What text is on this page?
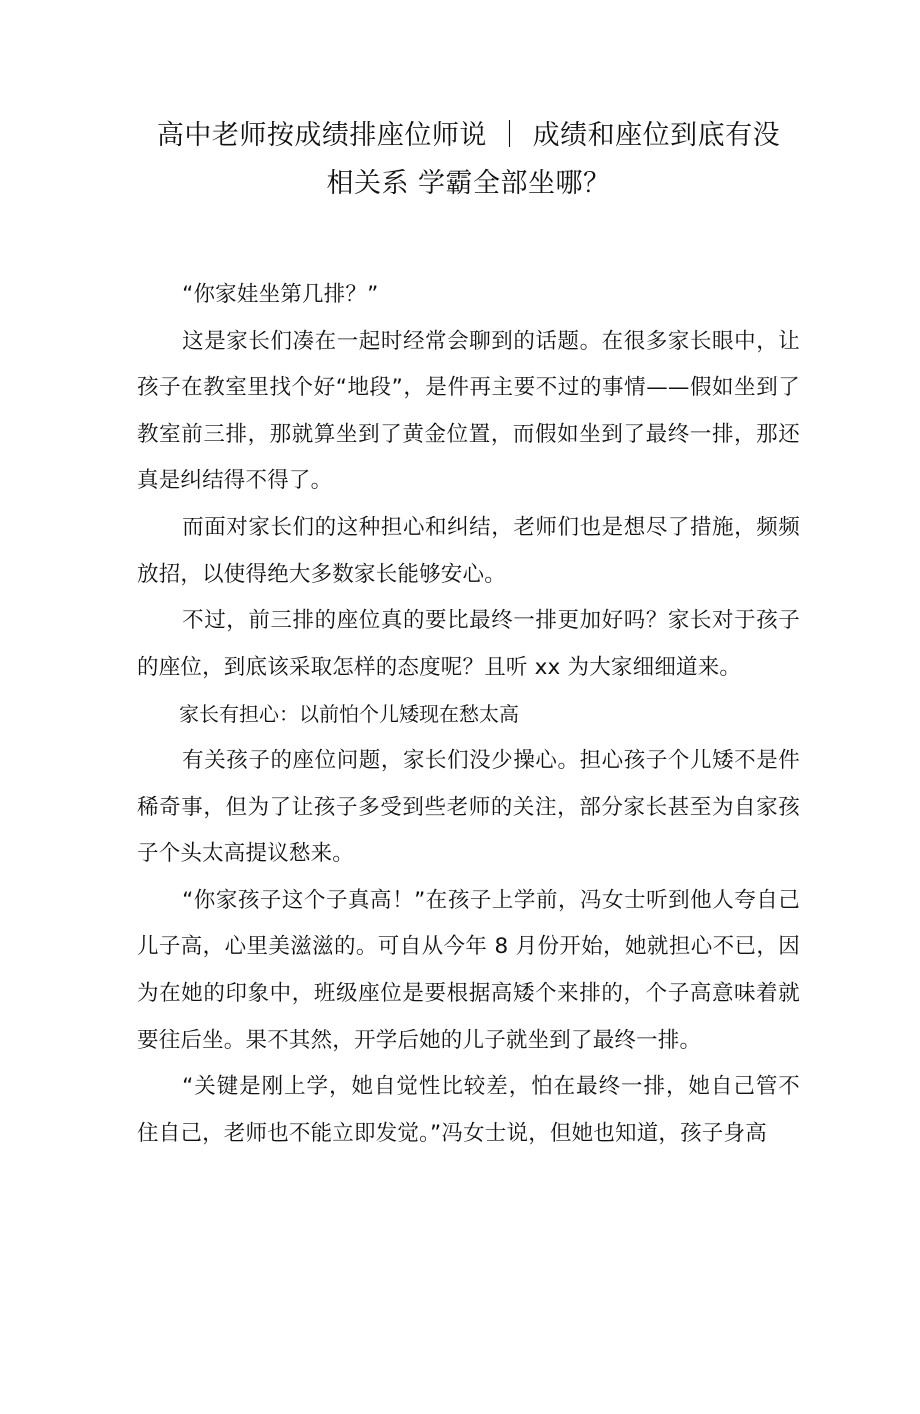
高中老师按成绩排座位师说 ｜ 成绩和座位到底有没
相关系 学霸全部坐哪？

“你家娃坐第几排？”

这是家长们凑在一起时经常会聊到的话题。在很多家长眼中，让孩子在教室里找个好“地段”，是件再主要不过的事情——假如坐到了教室前三排，那就算坐到了黄金位置，而假如坐到了最终一排，那还真是纠结得不得了。

而面对家长们的这种担心和纠结，老师们也是想尽了措施，频频放招，以使得绝大多数家长能够安心。

不过，前三排的座位真的要比最终一排更加好吗？家长对于孩子的座位，到底该采取怎样的态度呢？且听 xx 为大家细细道来。

家长有担心：以前怕个儿矮现在愁太高

有关孩子的座位问题，家长们没少操心。担心孩子个儿矮不是件稀奇事，但为了让孩子多受到些老师的关注，部分家长甚至为自家孩子个头太高提议愁来。

“你家孩子这个子真高！”在孩子上学前，冯女士听到他人夸自己儿子高，心里美滋滋的。可自从今年 8 月份开始，她就担心不已，因为在她的印象中，班级座位是要根据高矮个来排的，个子高意味着就要往后坐。果不其然，开学后她的儿子就坐到了最终一排。

“关键是刚上学，她自觉性比较差，怕在最终一排，她自己管不住自己，老师也不能立即发觉。”冯女士说，但她也知道，孩子身高
